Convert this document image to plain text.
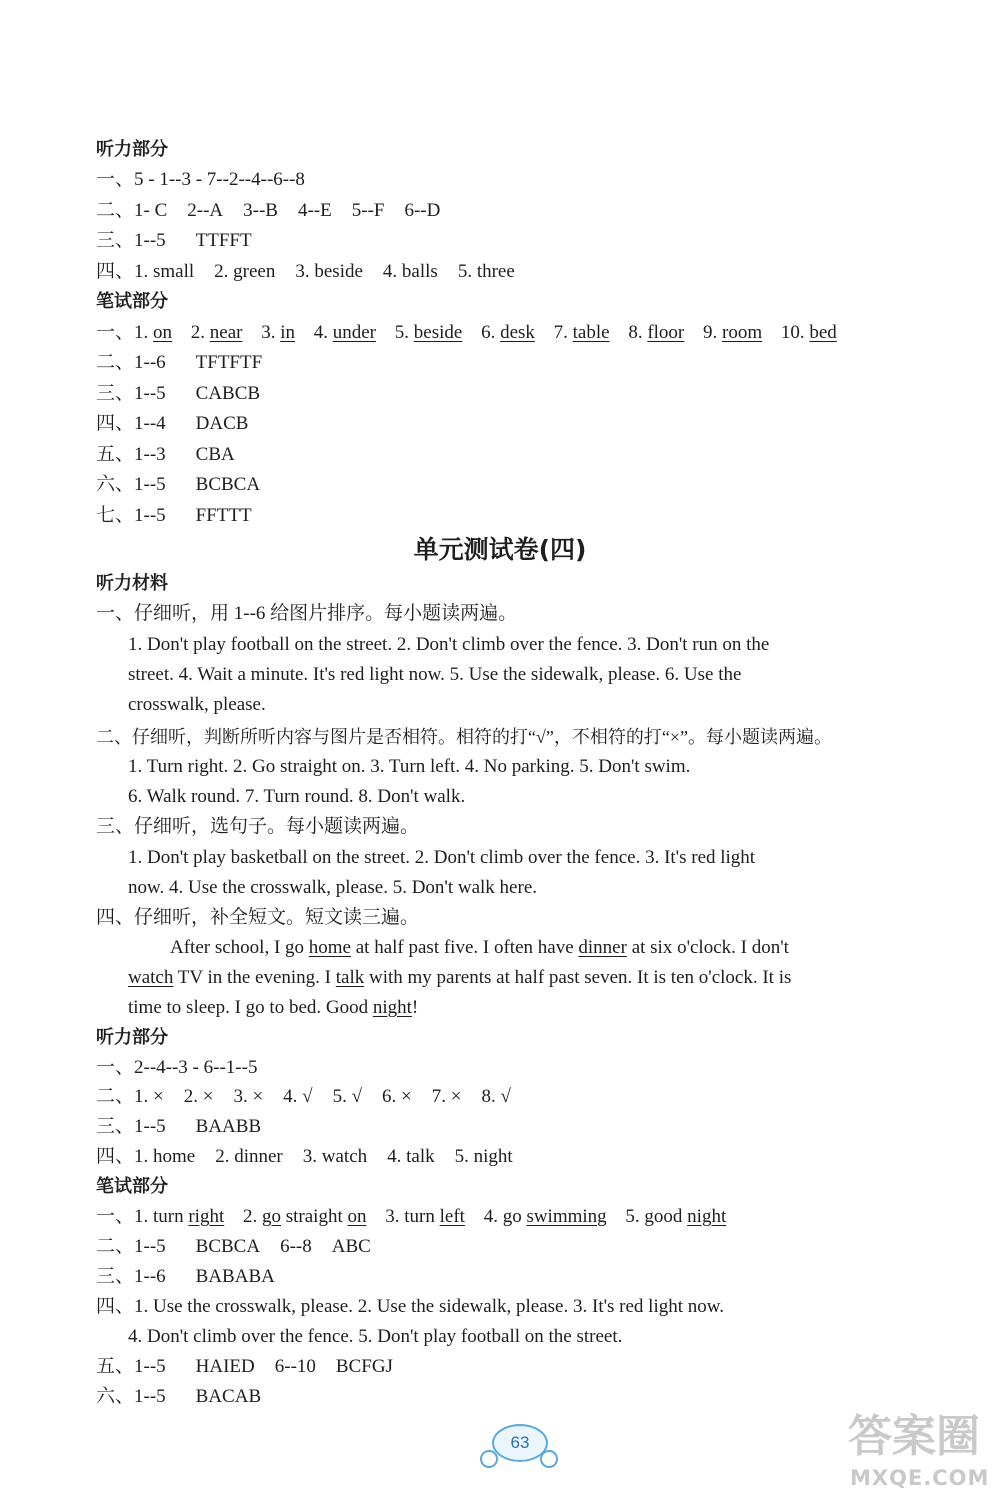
听力部分
一、5 - 1--3 - 7--2--4--6--8
二、1- C 2--A 3--B 4--E 5--F 6--D
三、1--5 TTFFT
四、1. small 2. green 3. beside 4. balls 5. three
笔试部分
一、1. on 2. near 3. in 4. under 5. beside 6. desk 7. table 8. floor 9. room 10. bed
二、1--6 TFTFTF
三、1--5 CABCB
四、1--4 DACB
五、1--3 CBA
六、1--5 BCBCA
七、1--5 FFTTT
单元测试卷(四)
听力材料
一、仔细听，用 1--6 给图片排序。每小题读两遍。
1. Don't play football on the street. 2. Don't climb over the fence. 3. Don't run on the
street. 4. Wait a minute. It's red light now. 5. Use the sidewalk, please. 6. Use the
crosswalk, please.
二、仔细听，判断所听内容与图片是否相符。相符的打“√”，不相符的打“×”。每小题读两遍。
1. Turn right. 2. Go straight on. 3. Turn left. 4. No parking. 5. Don't swim.
6. Walk round. 7. Turn round. 8. Don't walk.
三、仔细听，选句子。每小题读两遍。
1. Don't play basketball on the street. 2. Don't climb over the fence. 3. It's red light
now. 4. Use the crosswalk, please. 5. Don't walk here.
四、仔细听，补全短文。短文读三遍。
After school, I go home at half past five. I often have dinner at six o'clock. I don't
watch TV in the evening. I talk with my parents at half past seven. It is ten o'clock. It is
time to sleep. I go to bed. Good night!
听力部分
一、2--4--3 - 6--1--5
二、1. × 2. × 3. × 4. √ 5. √ 6. × 7. × 8. √
三、1--5 BAABB
四、1. home 2. dinner 3. watch 4. talk 5. night
笔试部分
一、1. turn right 2. go straight on 3. turn left 4. go swimming 5. good night
二、1--5 BCBCA 6--8 ABC
三、1--6 BABABA
四、1. Use the crosswalk, please. 2. Use the sidewalk, please. 3. It's red light now.
4. Don't climb over the fence. 5. Don't play football on the street.
五、1--5 HAIED 6--10 BCFGJ
六、1--5 BACAB
63	答案圈
MXQE.COM
